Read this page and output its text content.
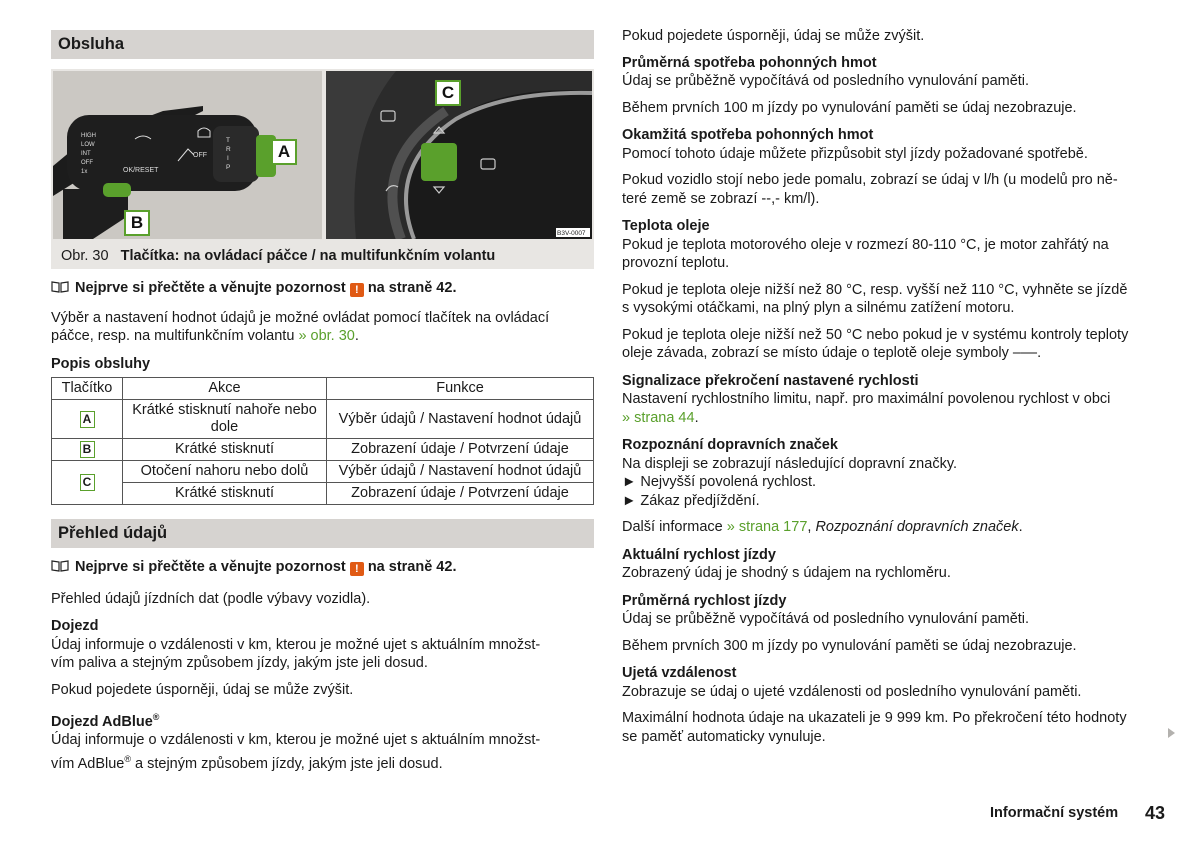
Obsluha
HIGH
LOW
INT
OFF
1x	OK/RESET
OFF
T
R
I
P
A
B
B3V-0007
C
Obr. 30 Tlačítka: na ovládací páčce / na multifunkčním volantu

Nejprve si přečtěte a věnujte pozornost ! na straně 42.

Výběr a nastavení hodnot údajů je možné ovládat pomocí tlačítek na ovládací páčce, resp. na multifunkčním volantu » obr. 30.

Popis obsluhy

Tlačítko	Akce	Funkce
A	Krátké stisknutí nahoře nebo dole	Výběr údajů / Nastavení hodnot údajů
B	Krátké stisknutí	Zobrazení údaje / Potvrzení údaje
C	Otočení nahoru nebo dolů	Výběr údajů / Nastavení hodnot údajů
	Krátké stisknutí	Zobrazení údaje / Potvrzení údaje
Přehled údajů

Nejprve si přečtěte a věnujte pozornost ! na straně 42.

Přehled údajů jízdních dat (podle výbavy vozidla).

Dojezd

Údaj informuje o vzdálenosti v km, kterou je možné ujet s aktuálním množst-

vím paliva a stejným způsobem jízdy, jakým jste jeli dosud.

Pokud pojedete úsporněji, údaj se může zvýšit.

Dojezd AdBlue®

Údaj informuje o vzdálenosti v km, kterou je možné ujet s aktuálním množst-

vím AdBlue® a stejným způsobem jízdy, jakým jste jeli dosud.

Pokud pojedete úsporněji, údaj se může zvýšit.

Průměrná spotřeba pohonných hmot

Údaj se průběžně vypočítává od posledního vynulování paměti.

Během prvních 100 m jízdy po vynulování paměti se údaj nezobrazuje.

Okamžitá spotřeba pohonných hmot

Pomocí tohoto údaje můžete přizpůsobit styl jízdy požadované spotřebě.

Pokud vozidlo stojí nebo jede pomalu, zobrazí se údaj v l/h (u modelů pro ně-

teré země se zobrazí --,- km/l).

Teplota oleje

Pokud je teplota motorového oleje v rozmezí 80-110 °C, je motor zahřátý na

provozní teplotu.

Pokud je teplota oleje nižší než 80 °C, resp. vyšší než 110 °C, vyhněte se jízdě

s vysokými otáčkami, na plný plyn a silnému zatížení motoru.

Pokud je teplota oleje nižší než 50 °C nebo pokud je v systému kontroly teploty

oleje závada, zobrazí se místo údaje o teplotě oleje symboly –––.

Signalizace překročení nastavené rychlosti

Nastavení rychlostního limitu, např. pro maximální povolenou rychlost v obci

» strana 44.

Rozpoznání dopravních značek

Na displeji se zobrazují následující dopravní značky.

► Nejvyšší povolená rychlost.

► Zákaz předjíždění.

Další informace » strana 177, Rozpoznání dopravních značek.

Aktuální rychlost jízdy

Zobrazený údaj je shodný s údajem na rychloměru.

Průměrná rychlost jízdy

Údaj se průběžně vypočítává od posledního vynulování paměti.

Během prvních 300 m jízdy po vynulování paměti se údaj nezobrazuje.

Ujetá vzdálenost

Zobrazuje se údaj o ujeté vzdálenosti od posledního vynulování paměti.

Maximální hodnota údaje na ukazateli je 9 999 km. Po překročení této hodnoty

se paměť automaticky vynuluje.

Informační systém 43
